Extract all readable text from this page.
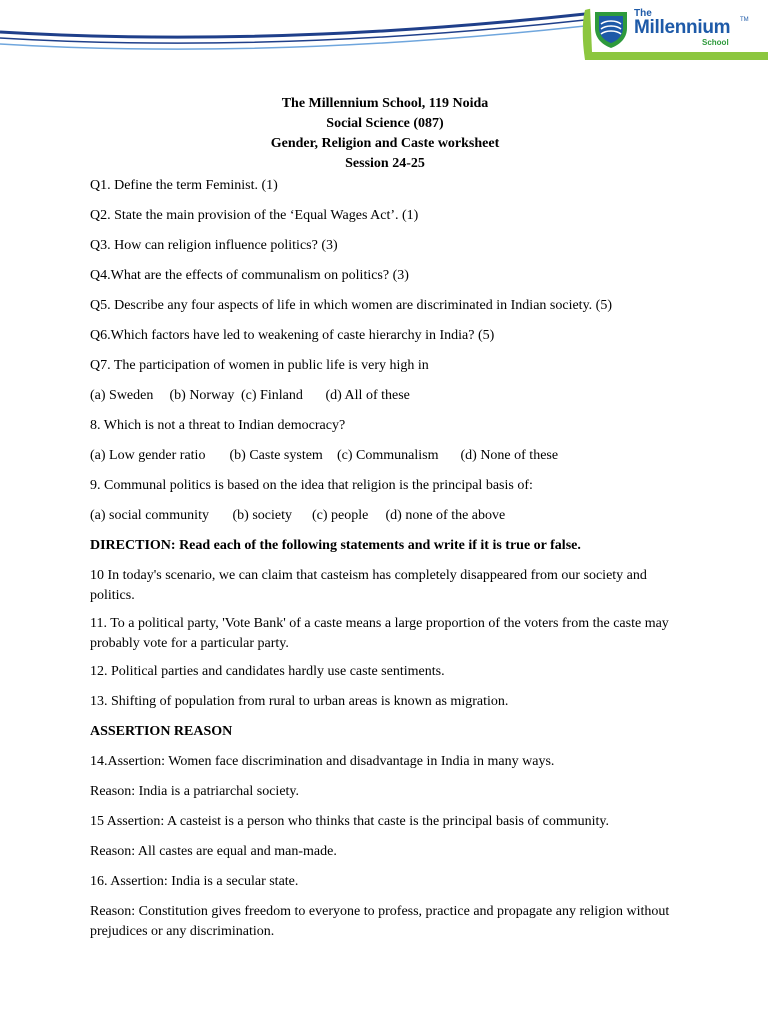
The
Millennium TM
School

The Millennium School, 119 Noida

Social Science (087)

Gender, Religion and Caste worksheet

Session 24-25

Q1. Define the term Feminist. (1)

Q2. State the main provision of the ‘Equal Wages Act’. (1)

Q3. How can religion influence politics? (3)

Q4.What are the effects of communalism on politics? (3)

Q5. Describe any four aspects of life in which women are discriminated in Indian society. (5)

Q6.Which factors have led to weakening of caste hierarchy in India? (5)

Q7. The participation of women in public life is very high in

(a) Sweden (b) Norway (c) Finland (d) All of these

8. Which is not a threat to Indian democracy?

(a) Low gender ratio (b) Caste system (c) Communalism (d) None of these

9. Communal politics is based on the idea that religion is the principal basis of:

(a) social community (b) society (c) people (d) none of the above

DIRECTION: Read each of the following statements and write if it is true or false.

10 In today's scenario, we can claim that casteism has completely disappeared from our society and politics.

11. To a political party, 'Vote Bank' of a caste means a large proportion of the voters from the caste may probably vote for a particular party.

12. Political parties and candidates hardly use caste sentiments.

13. Shifting of population from rural to urban areas is known as migration.

ASSERTION REASON

14.Assertion: Women face discrimination and disadvantage in India in many ways.

Reason: India is a patriarchal society.

15 Assertion: A casteist is a person who thinks that caste is the principal basis of community.

Reason: All castes are equal and man-made.

16. Assertion: India is a secular state.

Reason: Constitution gives freedom to everyone to profess, practice and propagate any religion without prejudices or any discrimination.
